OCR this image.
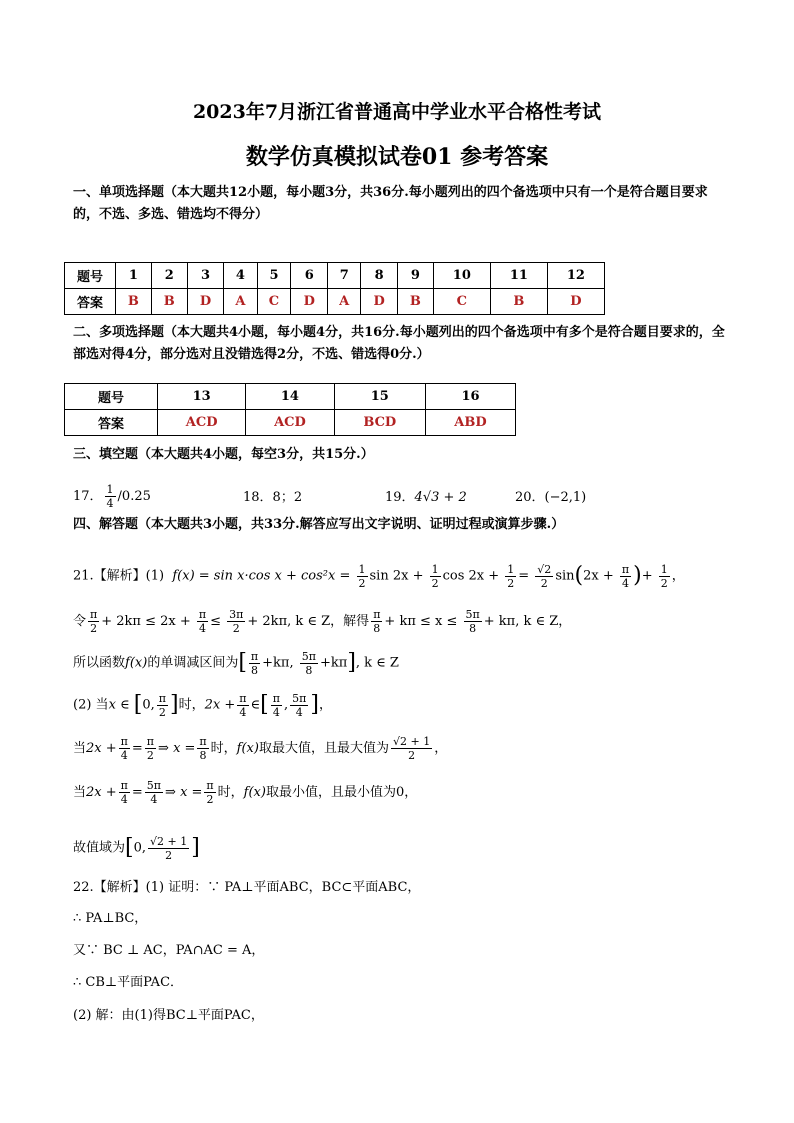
2023年7月浙江省普通高中学业水平合格性考试
数学仿真模拟试卷01 参考答案
一、单项选择题（本大题共12小题，每小题3分，共36分.每小题列出的四个备选项中只有一个是符合题目要求的，不选、多选、错选均不得分）
题号	1	2	3	4	5	6	7	8	9	10	11	12
答案	B	B	D	A	C	D	A	D	B	C	B	D
二、多项选择题（本大题共4小题，每小题4分，共16分.每小题列出的四个备选项中有多个是符合题目要求的，全部选对得4分，部分选对且没错选得2分，不选、错选得0分.）
题号	13	14	15	16
答案	ACD	ACD	BCD	ABD
三、填空题（本大题共4小题，每空3分，共15分.）
17． $\frac{1}{4} /0.25$	18．8；2	19．4√3 + 2	20．(−2,1)
四、解答题（本大题共3小题，共33分.解答应写出文字说明、证明过程或演算步骤.）
21.【解析】(1)  f(x) = sin x·cos $x + \cos^2x = \frac{1}{2}$ $\sin 2x + \frac{1}{2}$ $\cos 2x + \frac{1}{2} = \frac{√2}{2} \sin(2x + \frac{\pi}{4}$ )+ $\frac{1}{2}$ ，
令 $\frac{\pi}{2} + 2k\pi \le 2x + \frac{\pi}{4} \le \frac{3\pi}{2} + 2k\pi$, k ∈ Z，解得 $\frac{\pi}{8} + k\pi \le x \le \frac{5\pi}{8} + k\pi$, k ∈ Z，
所以函数f(x)的单调减区间为[ $\frac{\pi}{8} +k\pi$, $\frac{5\pi}{8} +k\pi$], k ∈ Z
(2) 当x ∈ [0, $\frac{\pi}{2}$ ]时，$2x + \frac{\pi}{4}$ ∈[ $\frac{\pi}{4}$ , $\frac{5\pi}{4}$ ]，
当$2x + \frac{\pi}{4} = \frac{\pi}{2}$ ⇒ $x = \frac{\pi}{8}$ 时，f(x)取最大值，且最大值为 $\frac{√2 + 1}{2}$ ，
当$2x + \frac{\pi}{4} = \frac{5\pi}{4}$ ⇒ $x = \frac{\pi}{2}$ 时，f(x)取最小值，且最小值为0，
故值域为[0, $\frac{√2 + 1}{2}$ ]
22.【解析】(1) 证明：∵ PA⊥平面ABC，BC⊂平面ABC，
∴ PA⊥BC，
又∵ BC ⊥ AC，PA∩AC = A，
∴ CB⊥平面PAC．
(2) 解：由(1)得BC⊥平面PAC，
